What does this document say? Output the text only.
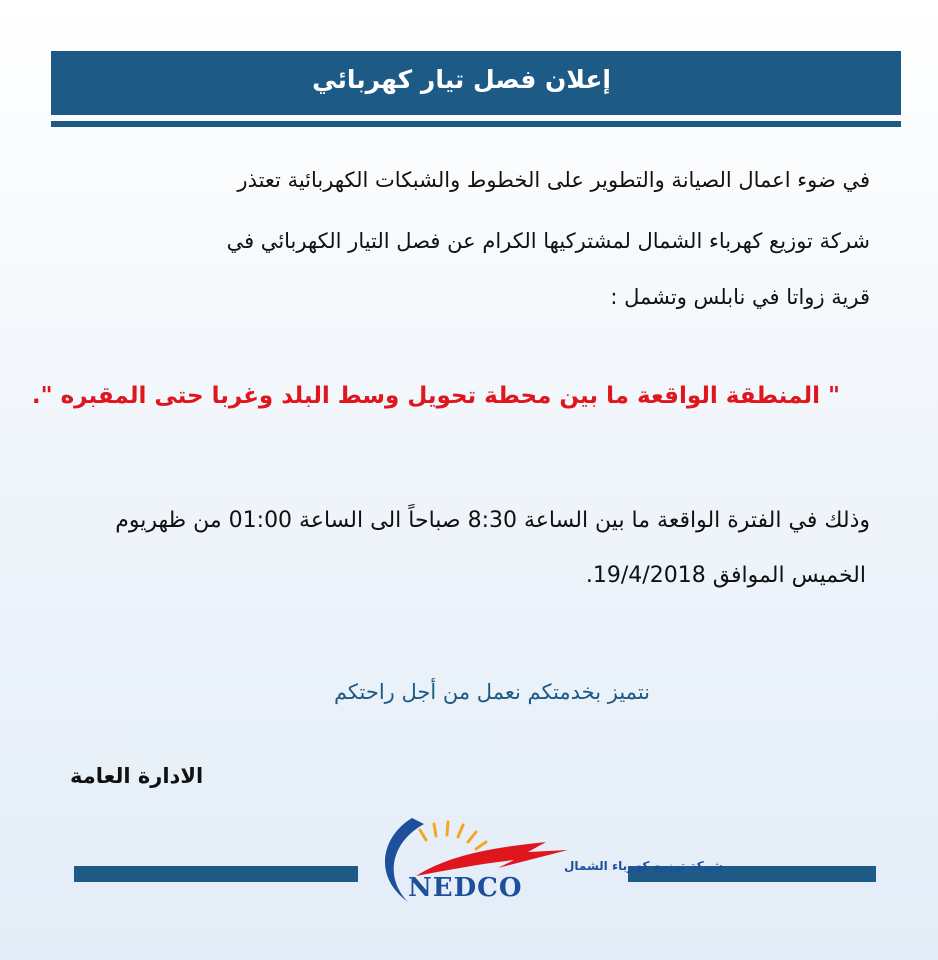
إعلان فصل تيار كهربائي
في ضوء اعمال الصيانة والتطوير على الخطوط والشبكات الكهربائية تعتذر
شركة توزيع كهرباء الشمال لمشتركيها الكرام عن فصل التيار الكهربائي في
قرية زواتا في نابلس وتشمل :
" المنطقة الواقعة ما بين محطة تحويل وسط البلد وغربا حتى المقبره ".
وذلك في الفترة الواقعة ما بين الساعة 8:30 صباحاً الى الساعة 01:00 من ظهريوم
الخميس الموافق 19/4/2018.
نتميز بخدمتكم نعمل من أجل راحتكم
الادارة العامة
شركة توزيع كهرباء الشمال
NEDCO
